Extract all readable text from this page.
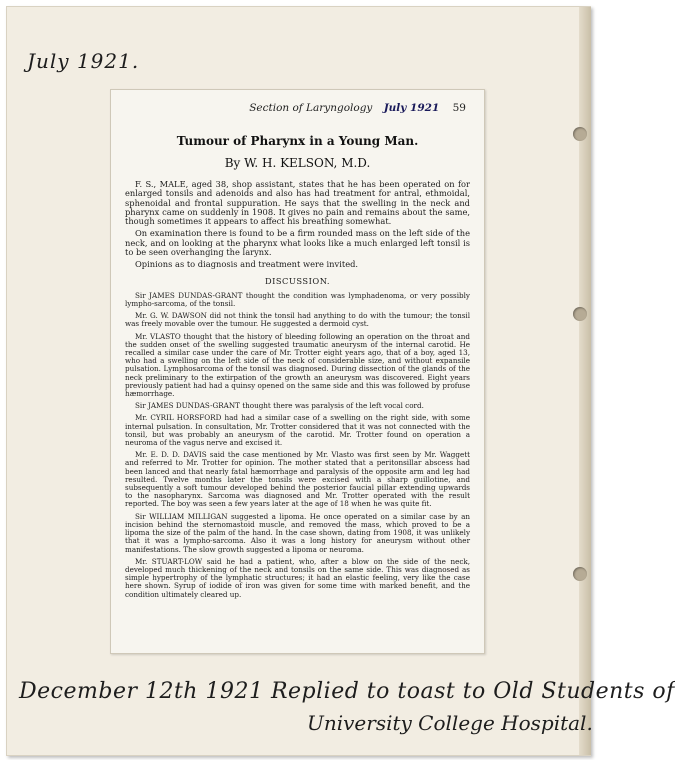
July 1921.
Section of Laryngology July 1921 59
Tumour of Pharynx in a Young Man.
By W. H. KELSON, M.D.

F. S., MALE, aged 38, shop assistant, states that he has been operated on for enlarged tonsils and adenoids and also has had treatment for antral, ethmoidal, sphenoidal and frontal suppuration. He says that the swelling in the neck and pharynx came on suddenly in 1908. It gives no pain and remains about the same, though sometimes it appears to affect his breathing somewhat.

On examination there is found to be a firm rounded mass on the left side of the neck, and on looking at the pharynx what looks like a much enlarged left tonsil is to be seen overhanging the larynx.

Opinions as to diagnosis and treatment were invited.

DISCUSSION.

Sir JAMES DUNDAS-GRANT thought the condition was lymphadenoma, or very possibly lympho-sarcoma, of the tonsil.

Mr. G. W. DAWSON did not think the tonsil had anything to do with the tumour; the tonsil was freely movable over the tumour. He suggested a dermoid cyst.

Mr. VLASTO thought that the history of bleeding following an operation on the throat and the sudden onset of the swelling suggested traumatic aneurysm of the internal carotid. He recalled a similar case under the care of Mr. Trotter eight years ago, that of a boy, aged 13, who had a swelling on the left side of the neck of considerable size, and without expansile pulsation. Lymphosarcoma of the tonsil was diagnosed. During dissection of the glands of the neck preliminary to the extirpation of the growth an aneurysm was discovered. Eight years previously patient had had a quinsy opened on the same side and this was followed by profuse hæmorrhage.

Sir JAMES DUNDAS-GRANT thought there was paralysis of the left vocal cord.

Mr. CYRIL HORSFORD had had a similar case of a swelling on the right side, with some internal pulsation. In consultation, Mr. Trotter considered that it was not connected with the tonsil, but was probably an aneurysm of the carotid. Mr. Trotter found on operation a neuroma of the vagus nerve and excised it.

Mr. E. D. D. DAVIS said the case mentioned by Mr. Vlasto was first seen by Mr. Waggett and referred to Mr. Trotter for opinion. The mother stated that a peritonsillar abscess had been lanced and that nearly fatal hæmorrhage and paralysis of the opposite arm and leg had resulted. Twelve months later the tonsils were excised with a sharp guillotine, and subsequently a soft tumour developed behind the posterior faucial pillar extending upwards to the nasopharynx. Sarcoma was diagnosed and Mr. Trotter operated with the result reported. The boy was seen a few years later at the age of 18 when he was quite fit.

Sir WILLIAM MILLIGAN suggested a lipoma. He once operated on a similar case by an incision behind the sternomastoid muscle, and removed the mass, which proved to be a lipoma the size of the palm of the hand. In the case shown, dating from 1908, it was unlikely that it was a lympho-sarcoma. Also it was a long history for aneurysm without other manifestations. The slow growth suggested a lipoma or neuroma.

Mr. STUART-LOW said he had a patient, who, after a blow on the side of the neck, developed much thickening of the neck and tonsils on the same side. This was diagnosed as simple hypertrophy of the lymphatic structures; it had an elastic feeling, very like the case here shown. Syrup of iodide of iron was given for some time with marked benefit, and the condition ultimately cleared up.

December 12th 1921 Replied to toast to Old Students of
University College Hospital.
